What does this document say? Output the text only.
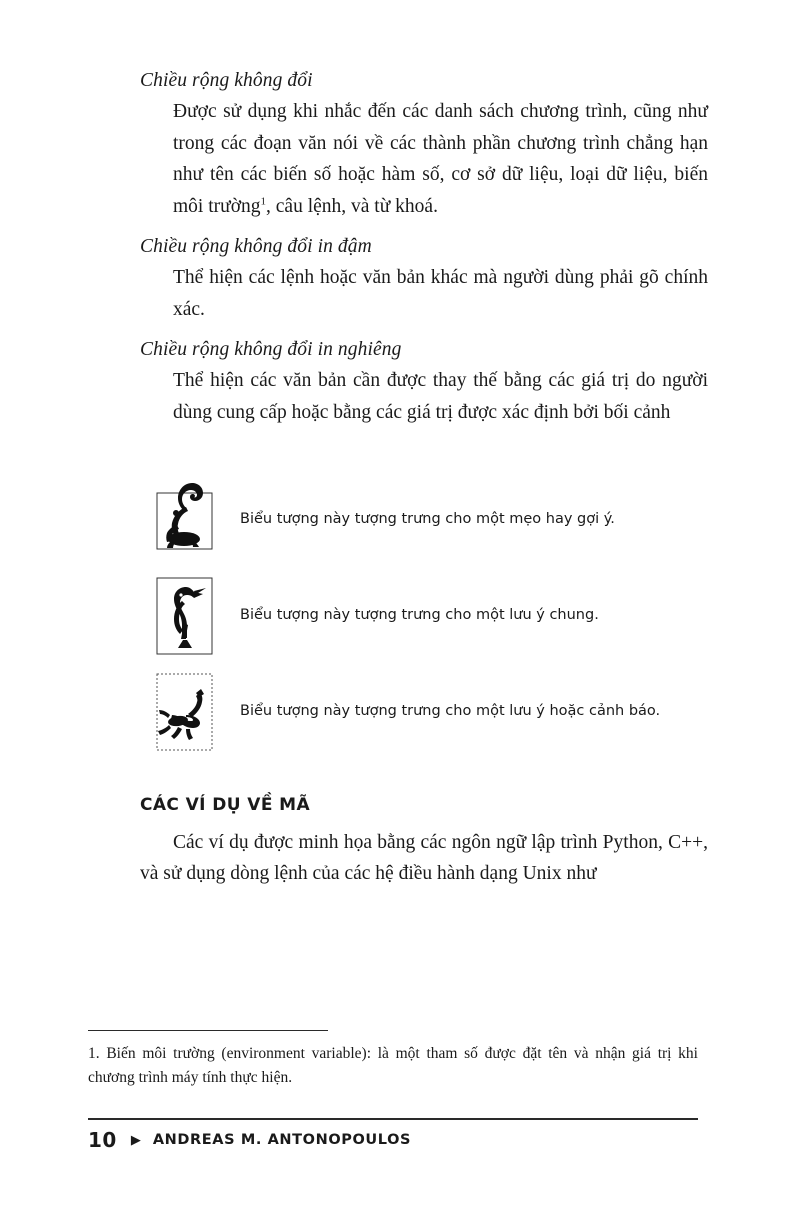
Chiều rộng không đổi

Được sử dụng khi nhắc đến các danh sách chương trình, cũng như trong các đoạn văn nói về các thành phần chương trình chẳng hạn như tên các biến số hoặc hàm số, cơ sở dữ liệu, loại dữ liệu, biến môi trường$^1$, câu lệnh, và từ khoá.

Chiều rộng không đổi in đậm

Thể hiện các lệnh hoặc văn bản khác mà người dùng phải gõ chính xác.

Chiều rộng không đổi in nghiêng

Thể hiện các văn bản cần được thay thế bằng các giá trị do người dùng cung cấp hoặc bằng các giá trị được xác định bởi bối cảnh

Biểu tượng này tượng trưng cho một mẹo hay gợi ý.
Biểu tượng này tượng trưng cho một lưu ý chung.
Biểu tượng này tượng trưng cho một lưu ý hoặc cảnh báo.
CÁC VÍ DỤ VỀ MÃ

Các ví dụ được minh họa bằng các ngôn ngữ lập trình Python, C++, và sử dụng dòng lệnh của các hệ điều hành dạng Unix như

1. Biến môi trường (environment variable): là một tham số được đặt tên và nhận giá trị khi chương trình máy tính thực hiện.
10 ▶ ANDREAS M. ANTONOPOULOS
